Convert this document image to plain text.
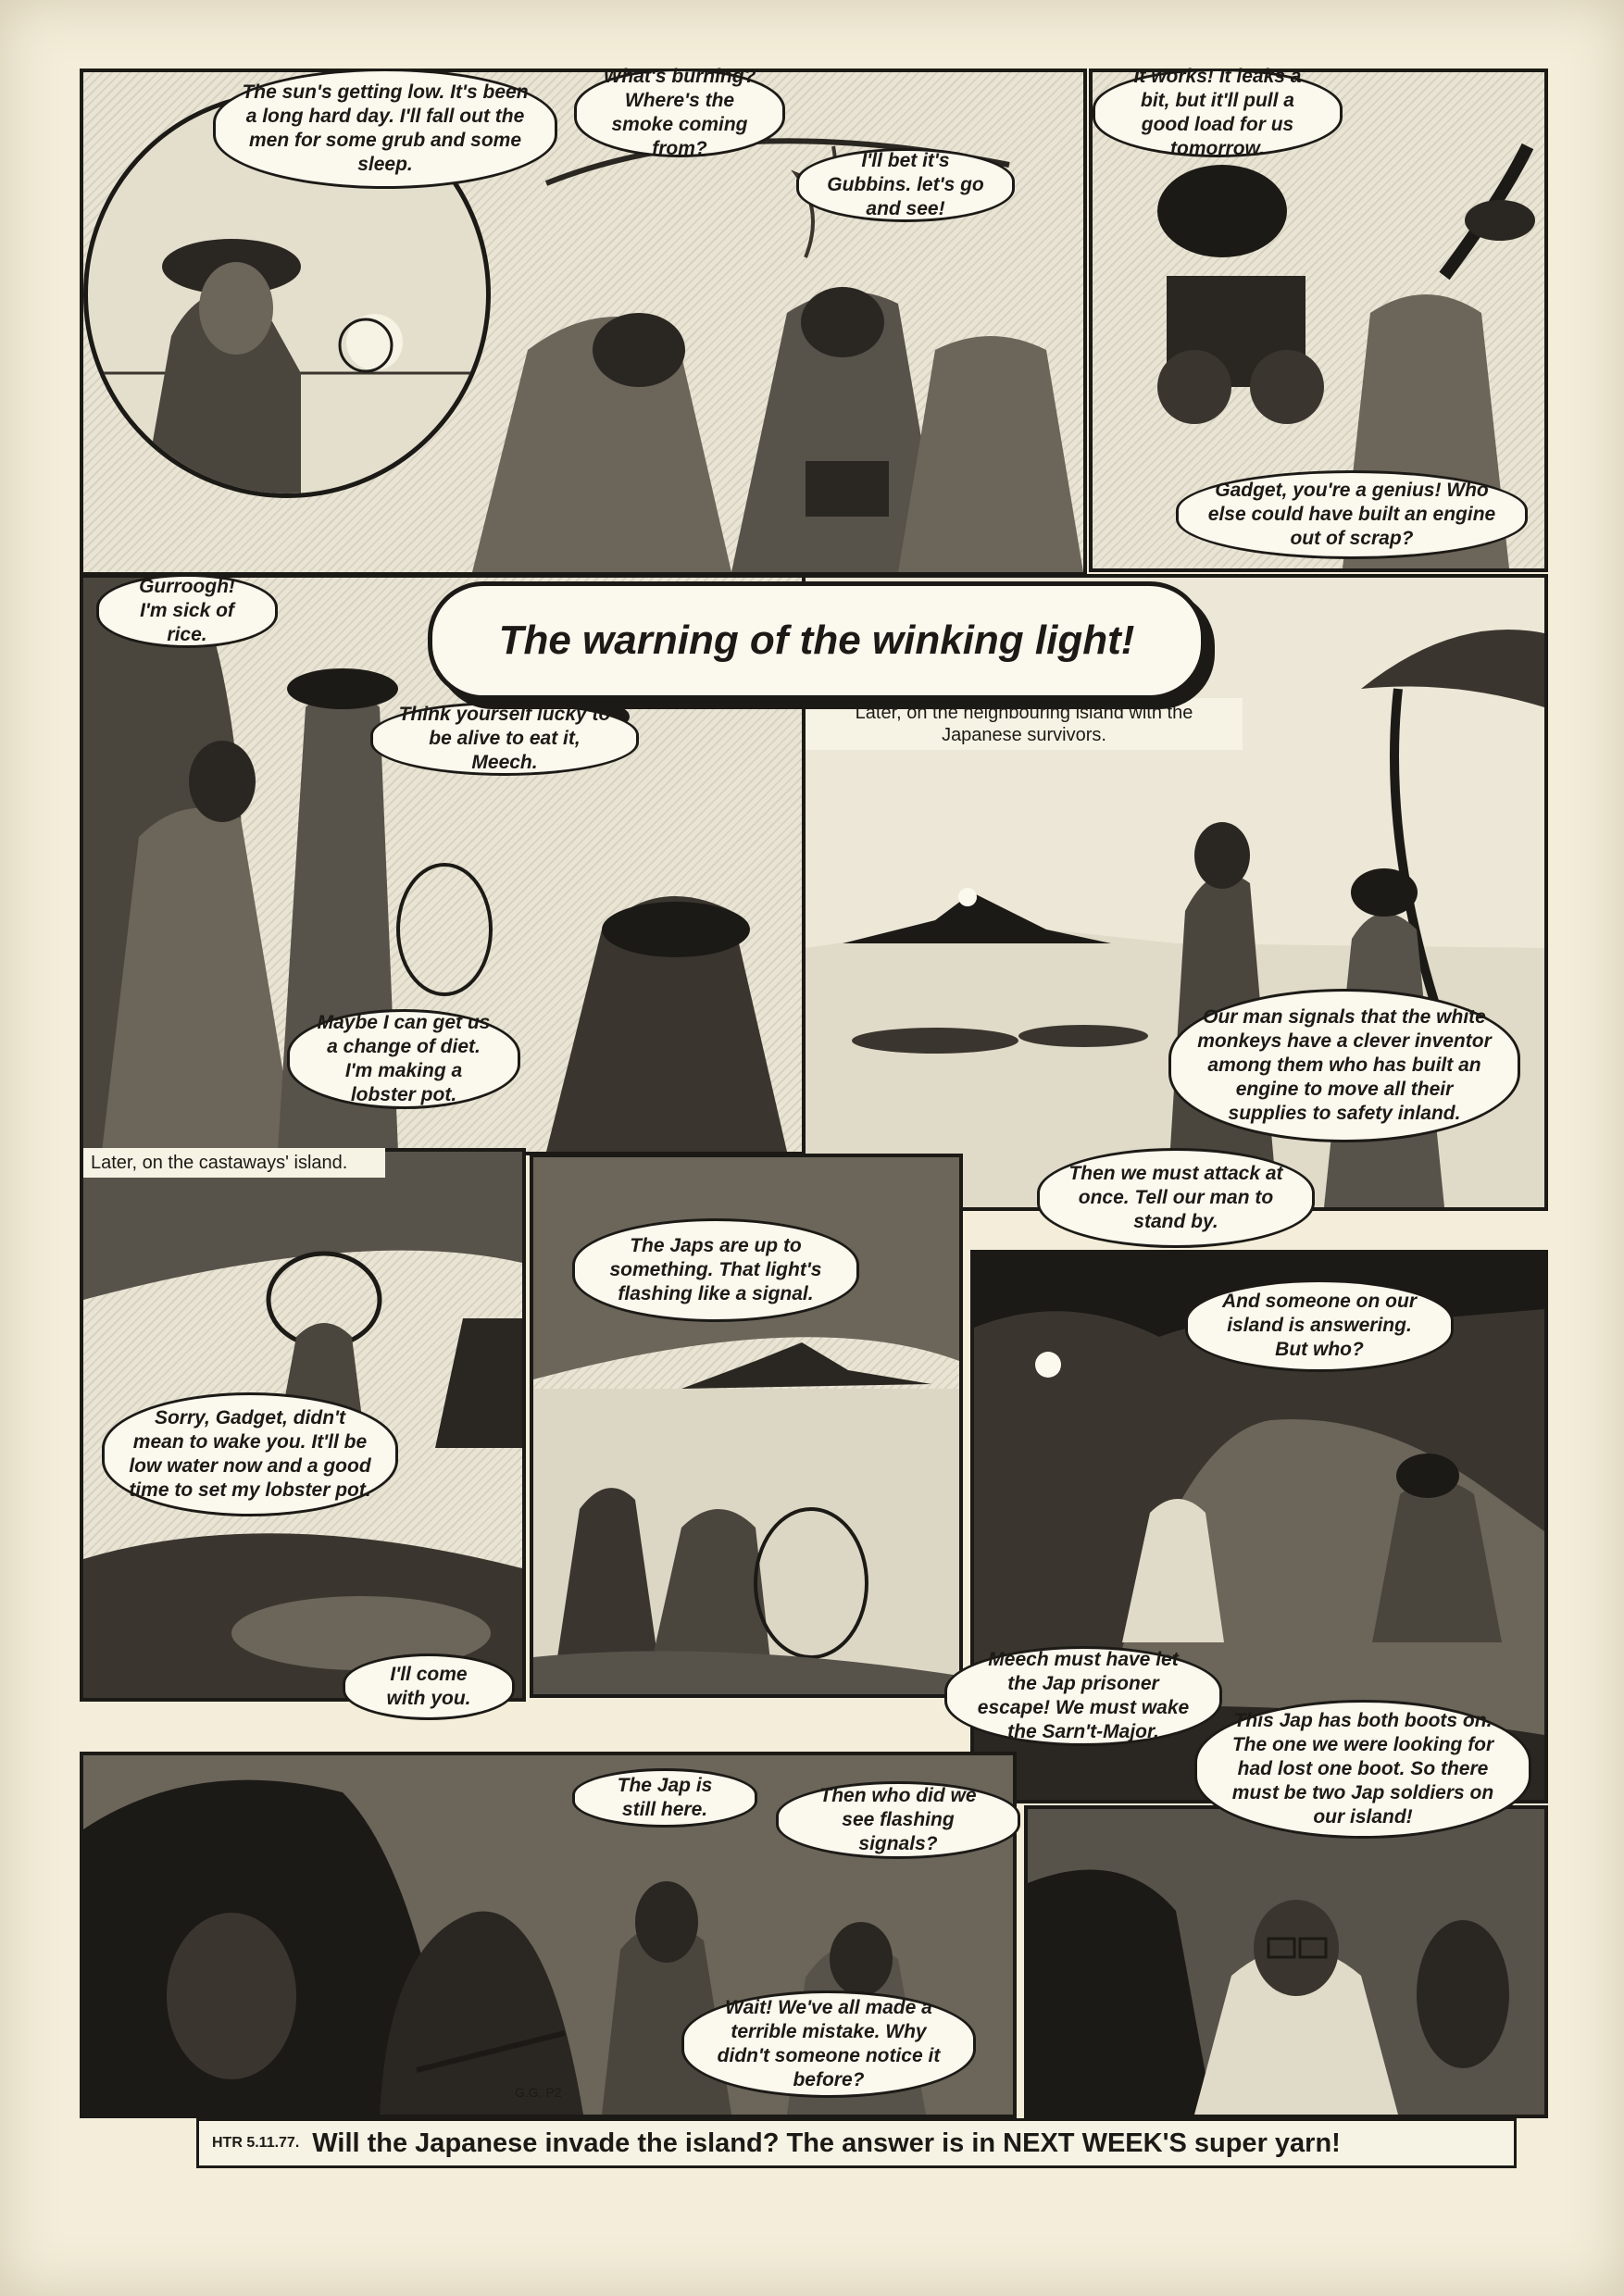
The warning of the winking light!
Later, on the neighbouring island with the Japanese survivors.
Later, on the castaways' island.
The sun's getting low. It's been a long hard day. I'll fall out the men for some grub and some sleep.
What's burning? Where's the smoke coming from?
I'll bet it's Gubbins. let's go and see!
It works! It leaks a bit, but it'll pull a good load for us tomorrow.
Gadget, you're a genius! Who else could have built an engine out of scrap?
Gurroogh! I'm sick of rice.
Think yourself lucky to be alive to eat it, Meech.
Maybe I can get us a change of diet. I'm making a lobster pot.
Our man signals that the white monkeys have a clever inventor among them who has built an engine to move all their supplies to safety inland.
Then we must attack at once. Tell our man to stand by.
Sorry, Gadget, didn't mean to wake you. It'll be low water now and a good time to set my lobster pot.
I'll come with you.
The Japs are up to something. That light's flashing like a signal.	And someone on our island is answering. But who?
Meech must have let the Jap prisoner escape! We must wake the Sarn't-Major.
The Jap is still here.
Then who did we see flashing signals?
Wait! We've all made a terrible mistake. Why didn't someone notice it before?
This Jap has both boots on. The one we were looking for had lost one boot. So there must be two Jap soldiers on our island!
G.G. P2
HTR 5.11.77. Will the Japanese invade the island? The answer is in NEXT WEEK'S super yarn!
